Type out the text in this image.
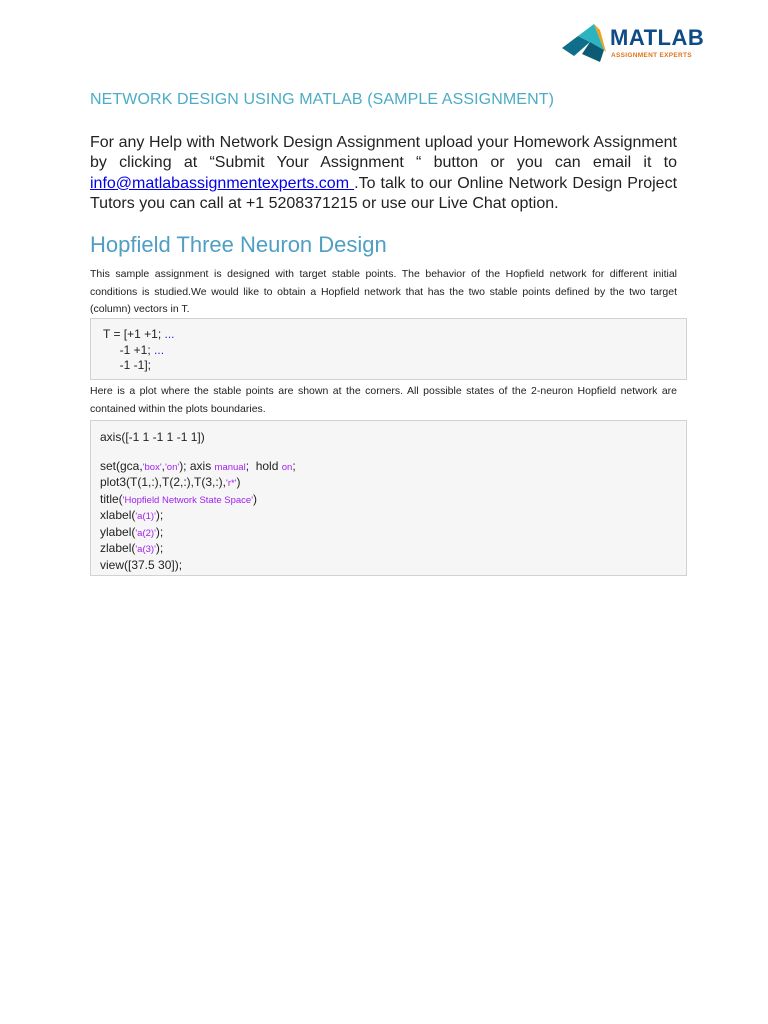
MATLAB
ASSIGNMENT EXPERTS
NETWORK DESIGN USING MATLAB (SAMPLE ASSIGNMENT)

For any Help with Network Design Assignment upload your Homework Assignment by clicking at “Submit Your Assignment “ button or you can email it to info@matlabassignmentexperts.com .To talk to our Online Network Design Project Tutors you can call at +1 5208371215 or use our Live Chat option.

Hopfield Three Neuron Design

This sample assignment is designed with target stable points. The behavior of the Hopfield network for different initial conditions is studied.We would like to obtain a Hopfield network that has the two stable points defined by the two target (column) vectors in T.

T = [+1 +1; ...
-1 +1; ...
-1 -1];

Here is a plot where the stable points are shown at the corners. All possible states of the 2-neuron Hopfield network are contained within the plots boundaries.

axis([-1 1 -1 1 -1 1])
set(gca,'box','on'); axis manual;  hold on;
plot3(T(1,:),T(2,:),T(3,:),'r*')
title('Hopfield Network State Space')
xlabel('a(1)');
ylabel('a(2)');
zlabel('a(3)');
view([37.5 30]);
